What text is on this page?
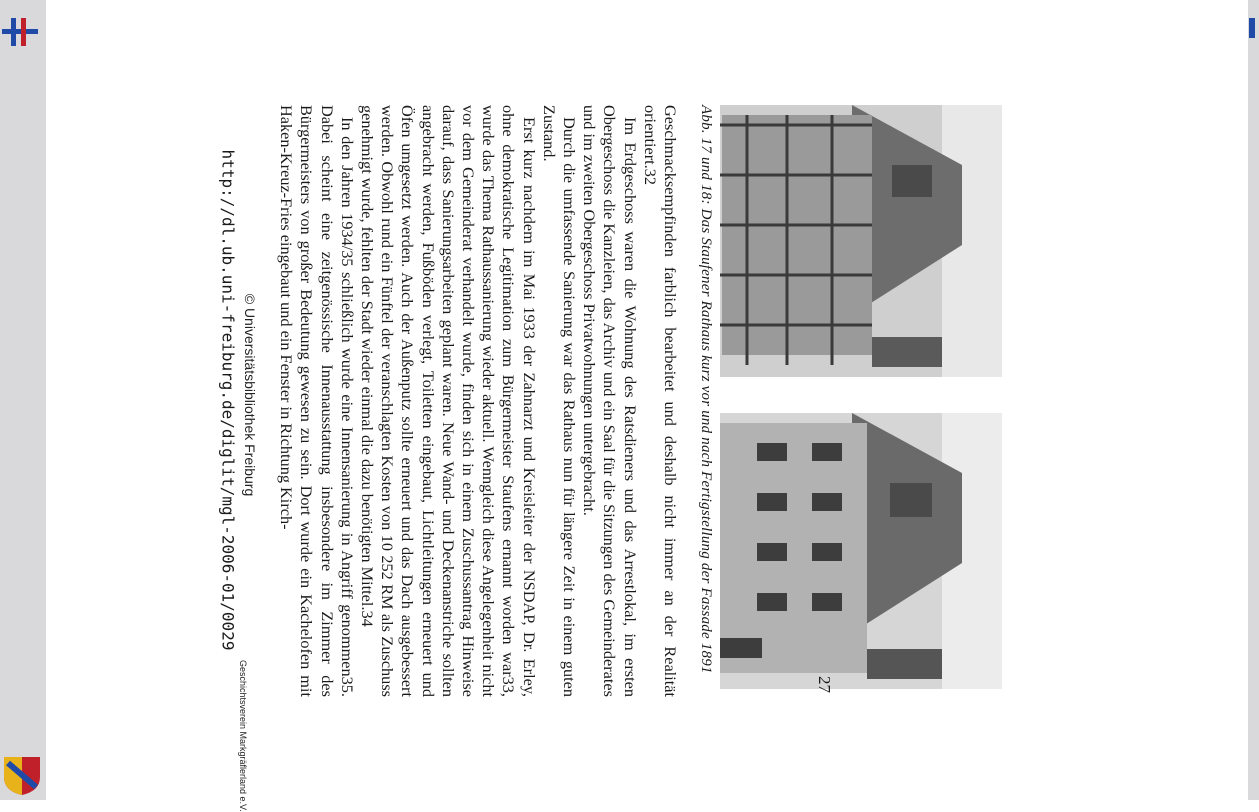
http://dl.ub.uni-freiburg.de/diglit/mgl-2006-01/0029 © Universitätsbibliothek Freiburg
Geschichtsverein Markgräflerland e.V.
Abb. 17 und 18: Das Staufener Rathaus kurz vor und nach Fertigstellung der Fassade 1891

Geschmacksempfinden farblich bearbeitet und deshalb nicht immer an der Realität orientiert.32

Im Erdgeschoss waren die Wohnung des Ratsdieners und das Arrestlokal, im ersten Obergeschoss die Kanzleien, das Archiv und ein Saal für die Sitzungen des Gemeinderates und im zweiten Obergeschoss Privatwohnungen untergebracht.

Durch die umfassende Sanierung war das Rathaus nun für längere Zeit in einem guten Zustand.

Erst kurz nachdem im Mai 1933 der Zahnarzt und Kreisleiter der NSDAP, Dr. Erley, ohne demokratische Legitimation zum Bürgermeister Staufens ernannt worden war33, wurde das Thema Rathaussanierung wieder aktuell. Wenngleich diese Angelegenheit nicht vor dem Gemeinderat verhandelt wurde, finden sich in einem Zuschussantrag Hinweise darauf, dass Sanierungsarbeiten geplant waren. Neue Wand- und Deckenanstriche sollten angebracht werden, Fußböden verlegt, Toiletten eingebaut, Lichtleitungen erneuert und Öfen umgesetzt werden. Auch der Außenputz sollte erneuert und das Dach ausgebessert werden. Obwohl rund ein Fünftel der veranschlagten Kosten von 10 252 RM als Zuschuss genehmigt wurde, fehlten der Stadt wieder einmal die dazu benötigten Mittel.34

In den Jahren 1934/35 schließlich wurde eine Innensanierung in Angriff genommen35. Dabei scheint eine zeitgenössische Innenausstattung insbesondere im Zimmer des Bürgermeisters von großer Bedeutung gewesen zu sein. Dort wurde ein Kachelofen mit Haken-Kreuz-Fries eingebaut und ein Fenster in Richtung Kirch-

27
